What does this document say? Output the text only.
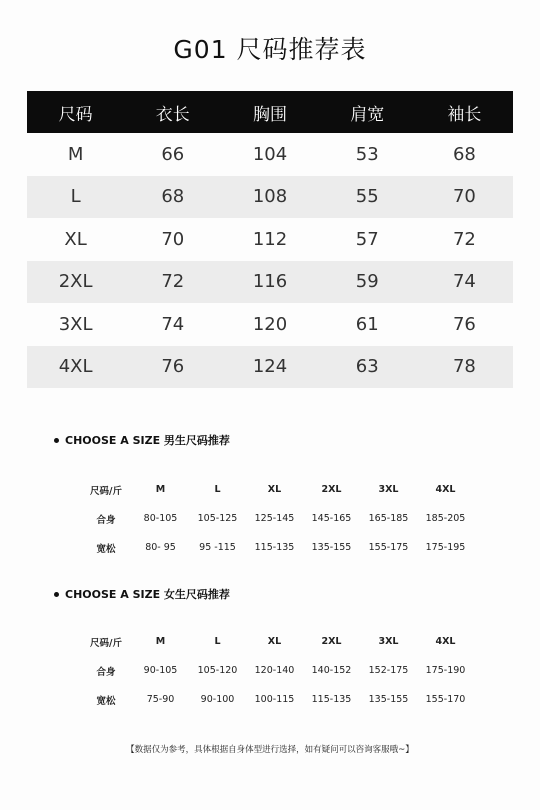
G01 尺码推荐表
尺码	衣长	胸围	肩宽	袖长
M	66	104	53	68
L	68	108	55	70
XL	70	112	57	72
2XL	72	116	59	74
3XL	74	120	61	76
4XL	76	124	63	78
CHOOSE A SIZE 男生尺码推荐
尺码/斤	M	L	XL	2XL	3XL	4XL
合身	80-105	105-125	125-145	145-165	165-185	185-205
宽松	80- 95	95 -115	115-135	135-155	155-175	175-195
CHOOSE A SIZE 女生尺码推荐
尺码/斤	M	L	XL	2XL	3XL	4XL
合身	90-105	105-120	120-140	140-152	152-175	175-190
宽松	75-90	90-100	100-115	115-135	135-155	155-170
【数据仅为参考，具体根据自身体型进行选择，如有疑问可以咨询客服哦~】
